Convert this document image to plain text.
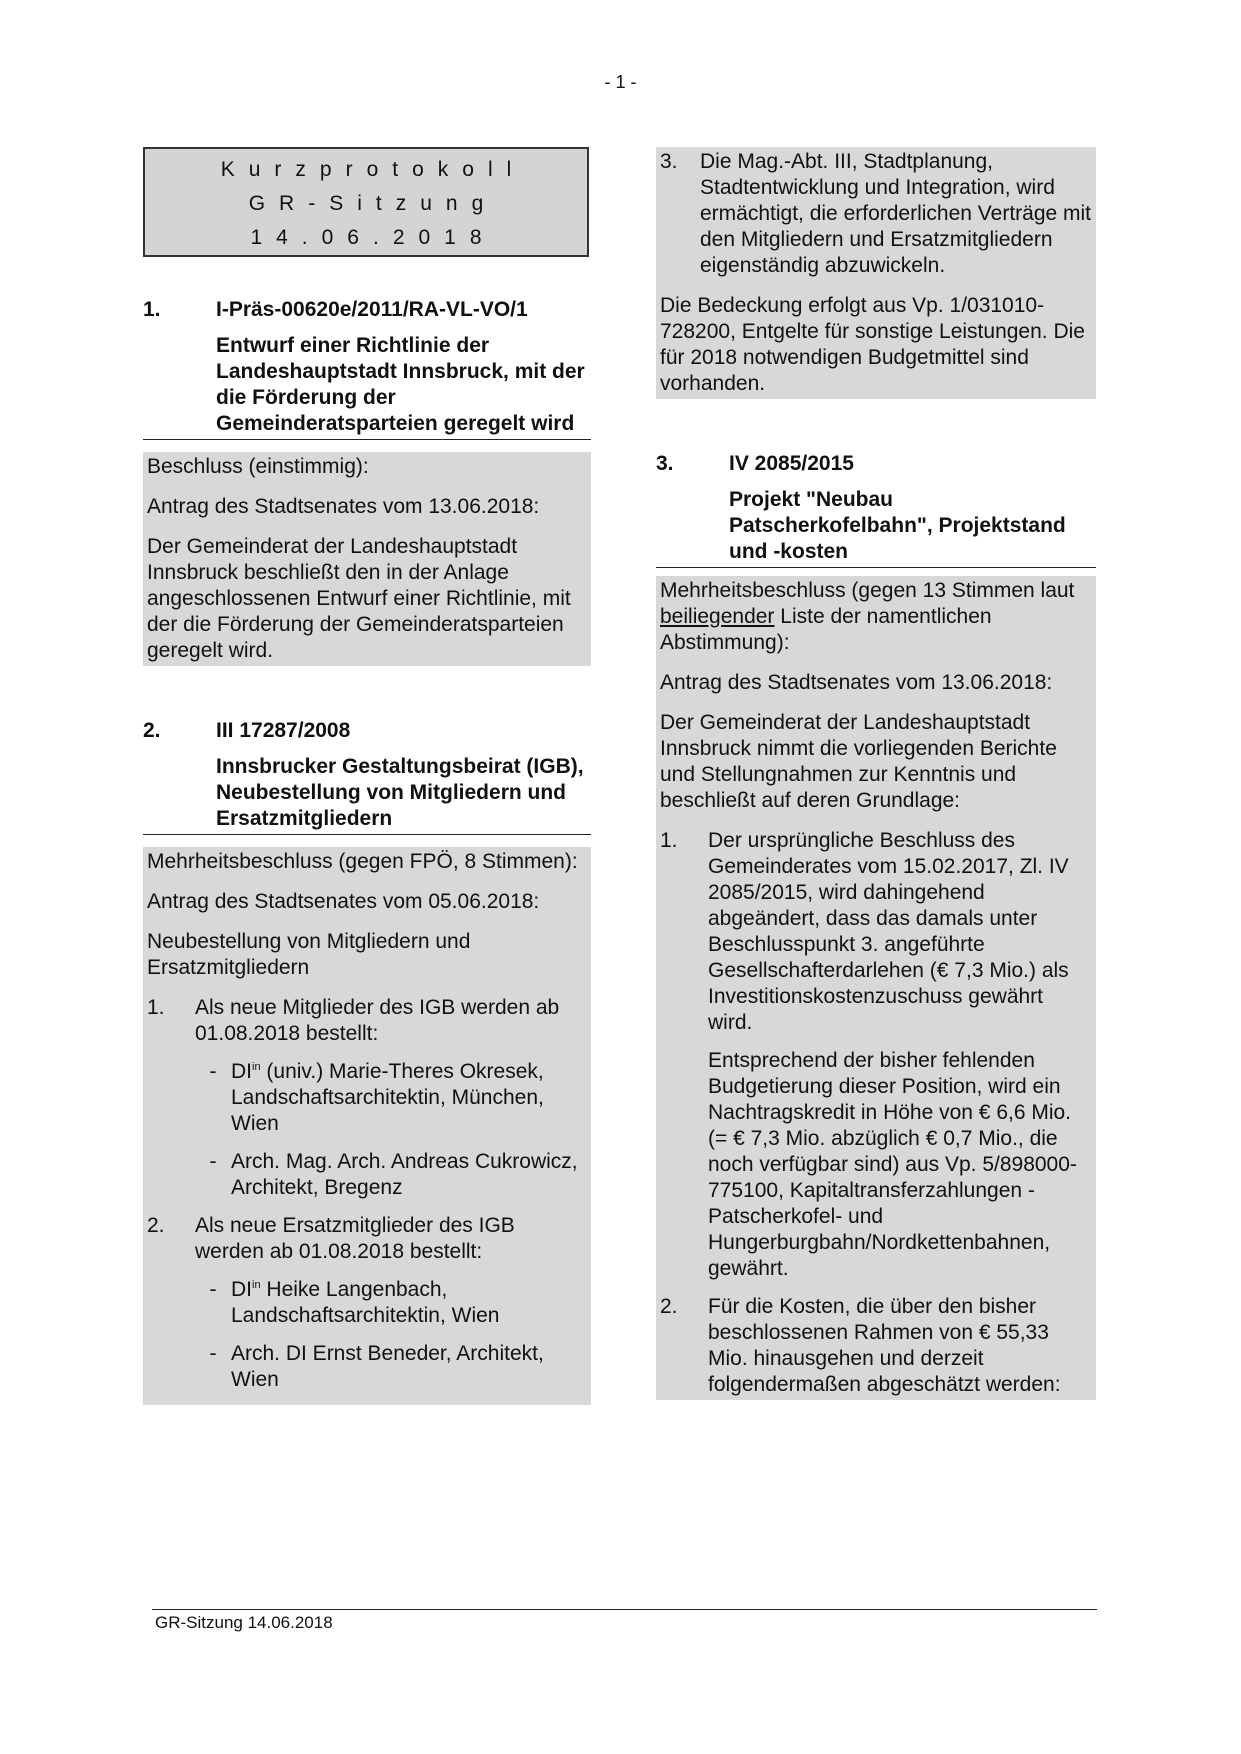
- 1 -
Kurzprotokoll
GR-Sitzung
14.06.2018
1.	I-Präs-00620e/2011/RA-VL-VO/1
Entwurf einer Richtlinie der Landeshauptstadt Innsbruck, mit der die Förderung der Gemeinderatsparteien geregelt wird

Beschluss (einstimmig):

Antrag des Stadtsenates vom 13.06.2018:

Der Gemeinderat der Landeshauptstadt Innsbruck beschließt den in der Anlage angeschlossenen Entwurf einer Richtlinie, mit der die Förderung der Gemeinderatsparteien geregelt wird.

2.	III 17287/2008
Innsbrucker Gestaltungsbeirat (IGB), Neubestellung von Mitgliedern und Ersatzmitgliedern

Mehrheitsbeschluss (gegen FPÖ, 8 Stimmen):

Antrag des Stadtsenates vom 05.06.2018:

Neubestellung von Mitgliedern und Ersatzmitgliedern

1.	Als neue Mitglieder des IGB werden ab 01.08.2018 bestellt:
- $DI^{in}$ (univ.) Marie-Theres Okresek, Landschaftsarchitektin, München, Wien
- Arch. Mag. Arch. Andreas Cukrowicz, Architekt, Bregenz
2.	Als neue Ersatzmitglieder des IGB werden ab 01.08.2018 bestellt:
- $DI^{in}$ Heike Langenbach, Landschaftsarchitektin, Wien
- Arch. DI Ernst Beneder, Architekt, Wien
3.	Die Mag.-Abt. III, Stadtplanung, Stadtentwicklung und Integration, wird ermächtigt, die erforderlichen Verträge mit den Mitgliedern und Ersatzmitgliedern eigenständig abzuwickeln.

Die Bedeckung erfolgt aus Vp. 1/031010-728200, Entgelte für sonstige Leistungen. Die für 2018 notwendigen Budgetmittel sind vorhanden.

3.	IV 2085/2015
Projekt "Neubau Patscherkofelbahn", Projektstand und -kosten

Mehrheitsbeschluss (gegen 13 Stimmen laut beiliegender Liste der namentlichen Abstimmung):

Antrag des Stadtsenates vom 13.06.2018:

Der Gemeinderat der Landeshauptstadt Innsbruck nimmt die vorliegenden Berichte und Stellungnahmen zur Kenntnis und beschließt auf deren Grundlage:

1.	Der ursprüngliche Beschluss des Gemeinderates vom 15.02.2017, Zl. IV 2085/2015, wird dahingehend abgeändert, dass das damals unter Beschlusspunkt 3. angeführte Gesellschafterdarlehen (€ 7,3 Mio.) als Investitionskostenzuschuss gewährt wird.
Entsprechend der bisher fehlenden Budgetierung dieser Position, wird ein Nachtragskredit in Höhe von € 6,6 Mio. (= € 7,3 Mio. abzüglich € 0,7 Mio., die noch verfügbar sind) aus Vp. 5/898000-775100, Kapitaltransferzahlungen - Patscherkofel- und Hungerburgbahn/Nordkettenbahnen, gewährt.
2.	Für die Kosten, die über den bisher beschlossenen Rahmen von € 55,33 Mio. hinausgehen und derzeit folgendermaßen abgeschätzt werden:
GR-Sitzung 14.06.2018
